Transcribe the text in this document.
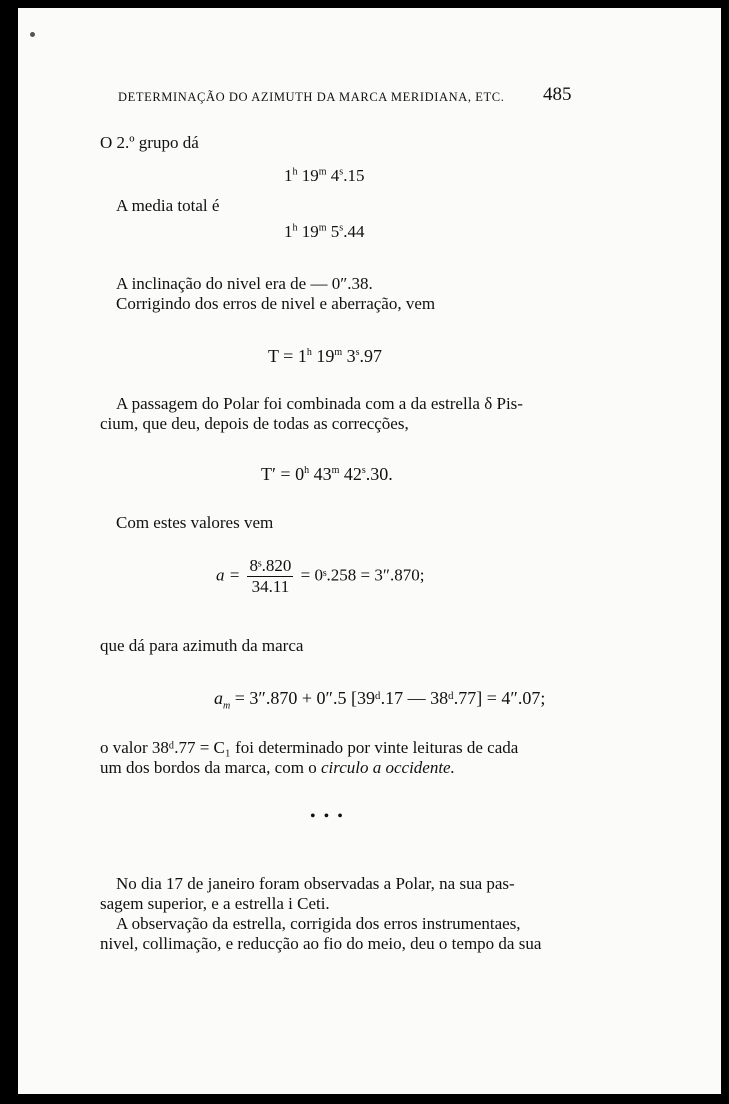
DETERMINAÇÃO DO AZIMUTH DA MARCA MERIDIANA, ETC. 485
O 2.º grupo dá
1$^h$ 19$^m$ 4$^s$.15
A media total é
1$^h$ 19$^m$ 5$^s$.44
A inclinação do nivel era de — 0″.38.
Corrigindo dos erros de nivel e aberração, vem
$T = 1^h$ 19$^m$ 3$^s$.97
A passagem do Polar foi combinada com a da estrella δ Pis-
cium, que deu, depois de todas as correcções,
$T' = 0^h$ 43$^m$ 42$^s$.30.
Com estes valores vem
$a = \frac{\text{8ˢ.820}}{34.11}$ = 0ˢ.258 = 3″.870;
que dá para azimuth da marca
$a_m = 3''.870 + 0''.5$ [39ᵈ.17 — 38ᵈ.77] = 4″.07;
o valor 38ᵈ.77 = C₁ foi determinado por vinte leituras de cada
um dos bordos da marca, com o circulo a occidente.
• • •
No dia 17 de janeiro foram observadas a Polar, na sua pas-
sagem superior, e a estrella i Ceti.
A observação da estrella, corrigida dos erros instrumentaes,
nivel, collimação, e reducção ao fio do meio, deu o tempo da sua
